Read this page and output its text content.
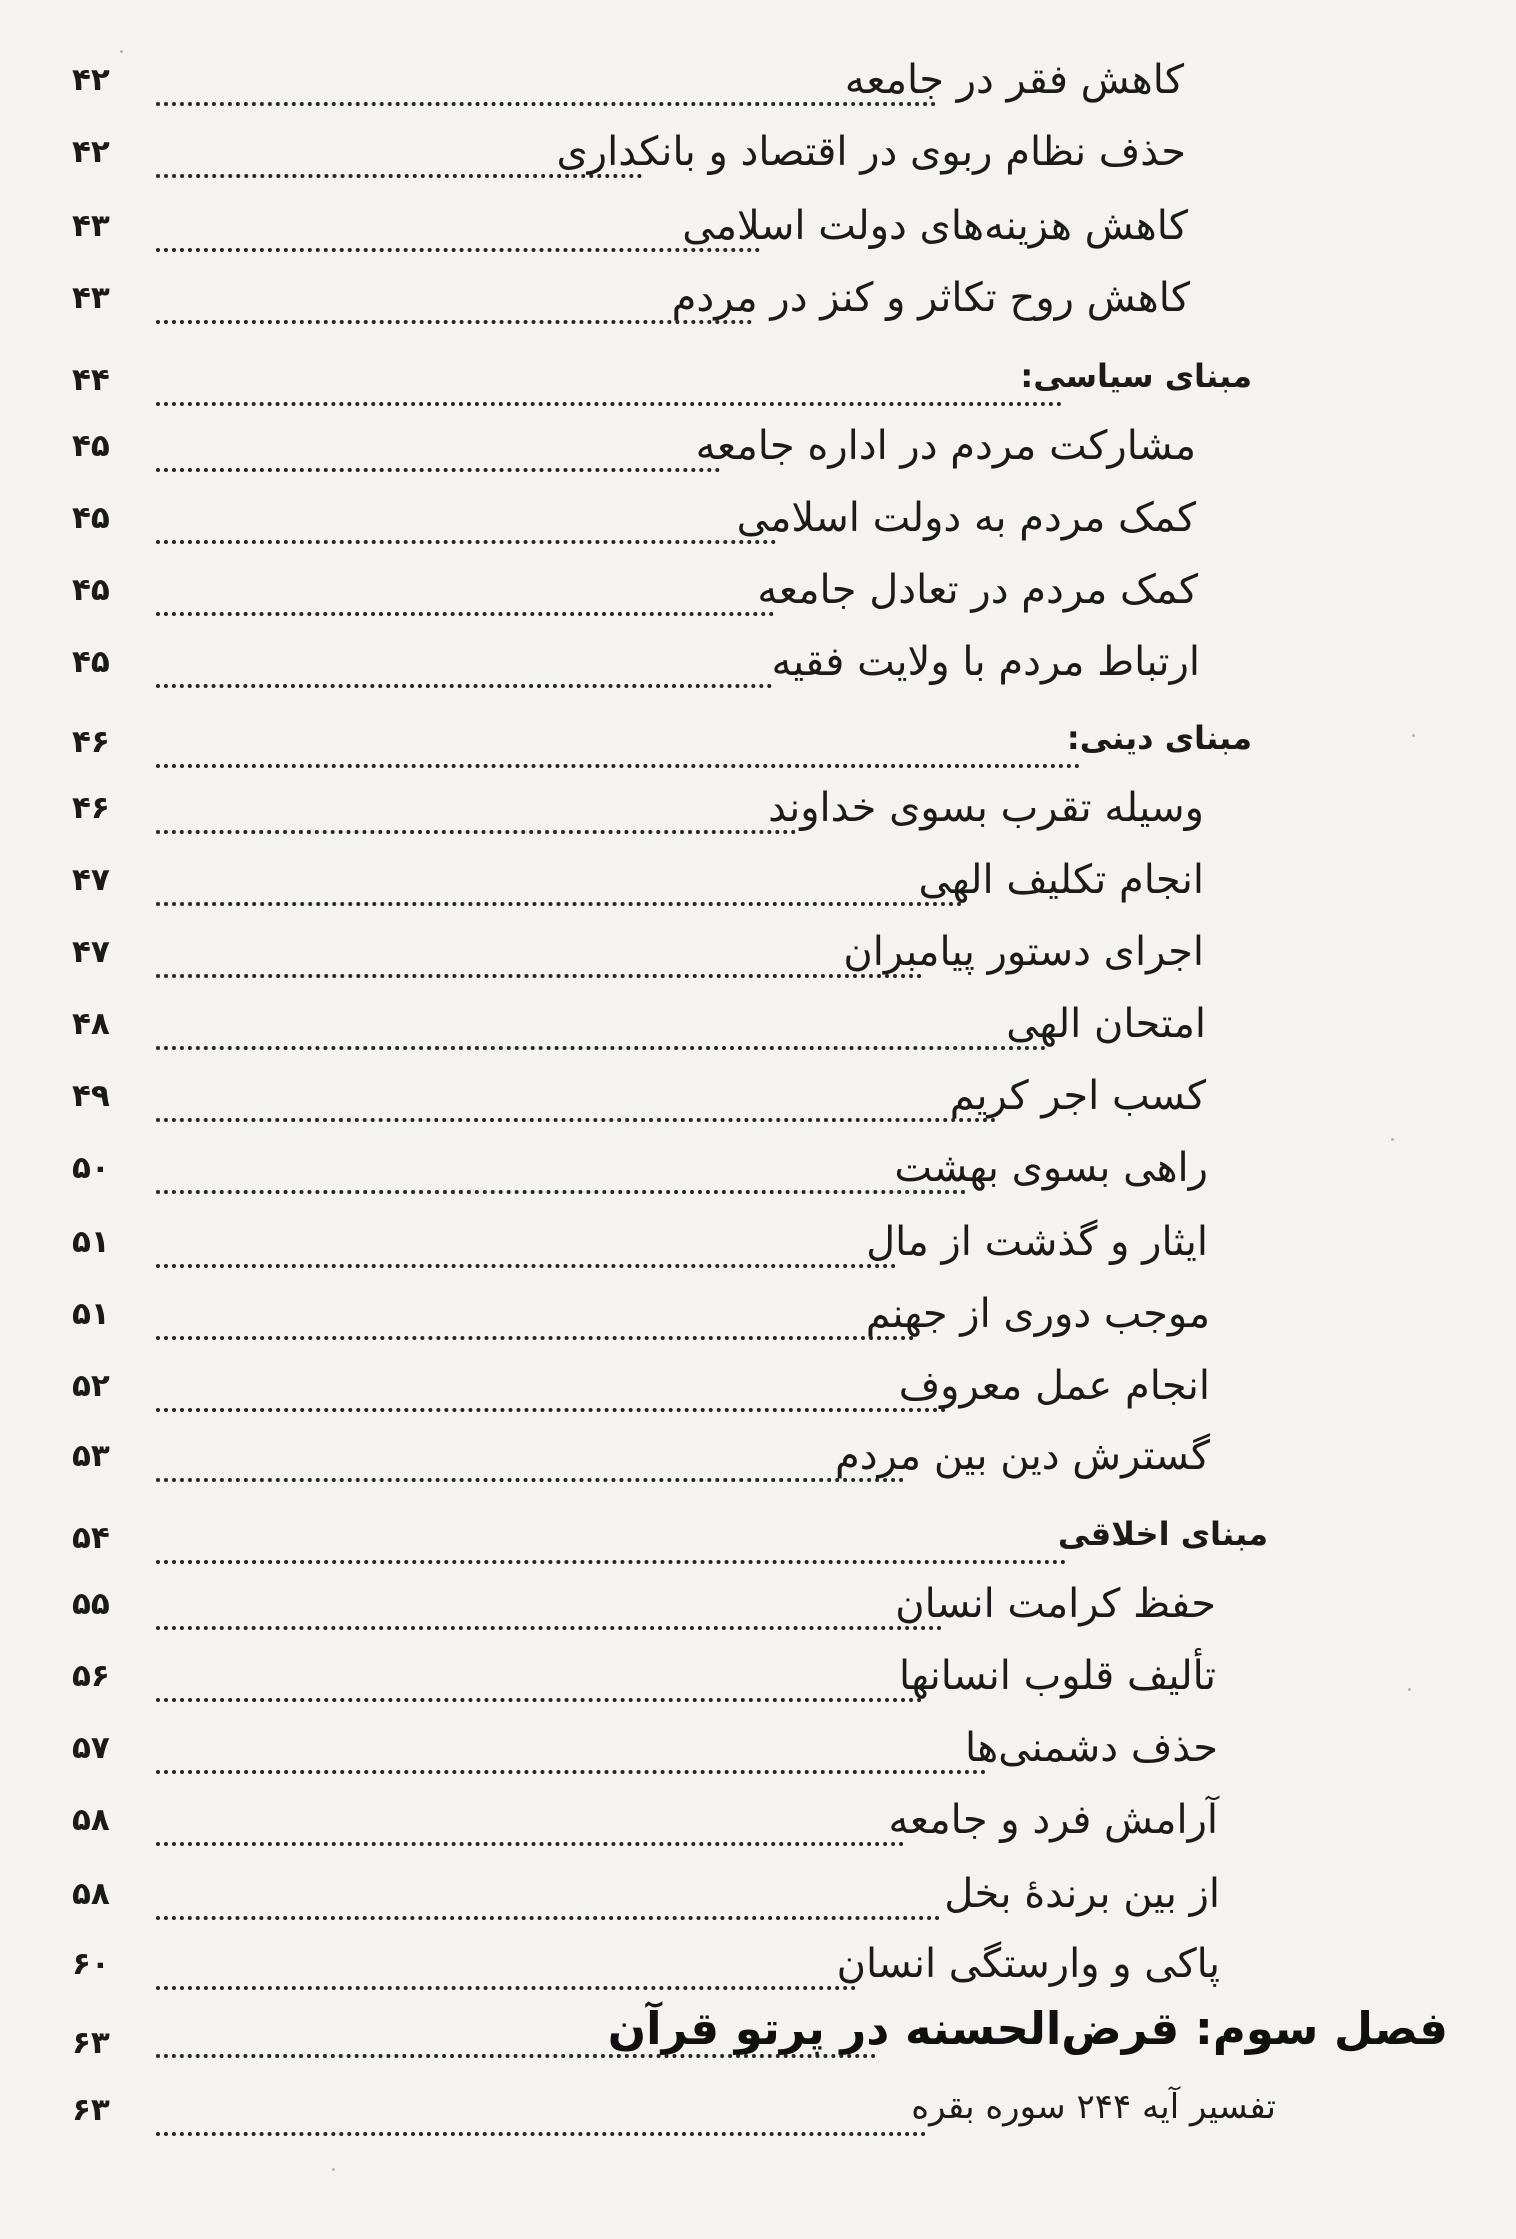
کاهش فقر در جامعه
۴۲
حذف نظام ربوی در اقتصاد و بانکداری
۴۲
کاهش هزینه‌های دولت اسلامی
۴۳
کاهش روح تکاثر و کنز در مردم
۴۳
مبنای سیاسی:
۴۴
مشارکت مردم در اداره جامعه
۴۵
کمک مردم به دولت اسلامی
۴۵
کمک مردم در تعادل جامعه
۴۵
ارتباط مردم با ولایت فقیه
۴۵
مبنای دینی:
۴۶
وسیله تقرب بسوی خداوند
۴۶
انجام تکلیف الهی
۴۷
اجرای دستور پیامبران
۴۷
امتحان الهی
۴۸
کسب اجر کریم
۴۹
راهی بسوی بهشت
۵۰
ایثار و گذشت از مال
۵۱
موجب دوری از جهنم
۵۱
انجام عمل معروف
۵۲
گسترش دین بین مردم
۵۳
مبنای اخلاقی
۵۴
حفظ کرامت انسان
۵۵
تألیف قلوب انسانها
۵۶
حذف دشمنی‌ها
۵۷
آرامش فرد و جامعه
۵۸
از بین برندۀ بخل
۵۸
پاکی و وارستگی انسان
۶۰
فصل سوم: قرض‌الحسنه در پرتو قرآن
۶۳
تفسیر آیه ۲۴۴ سوره بقره
۶۳
